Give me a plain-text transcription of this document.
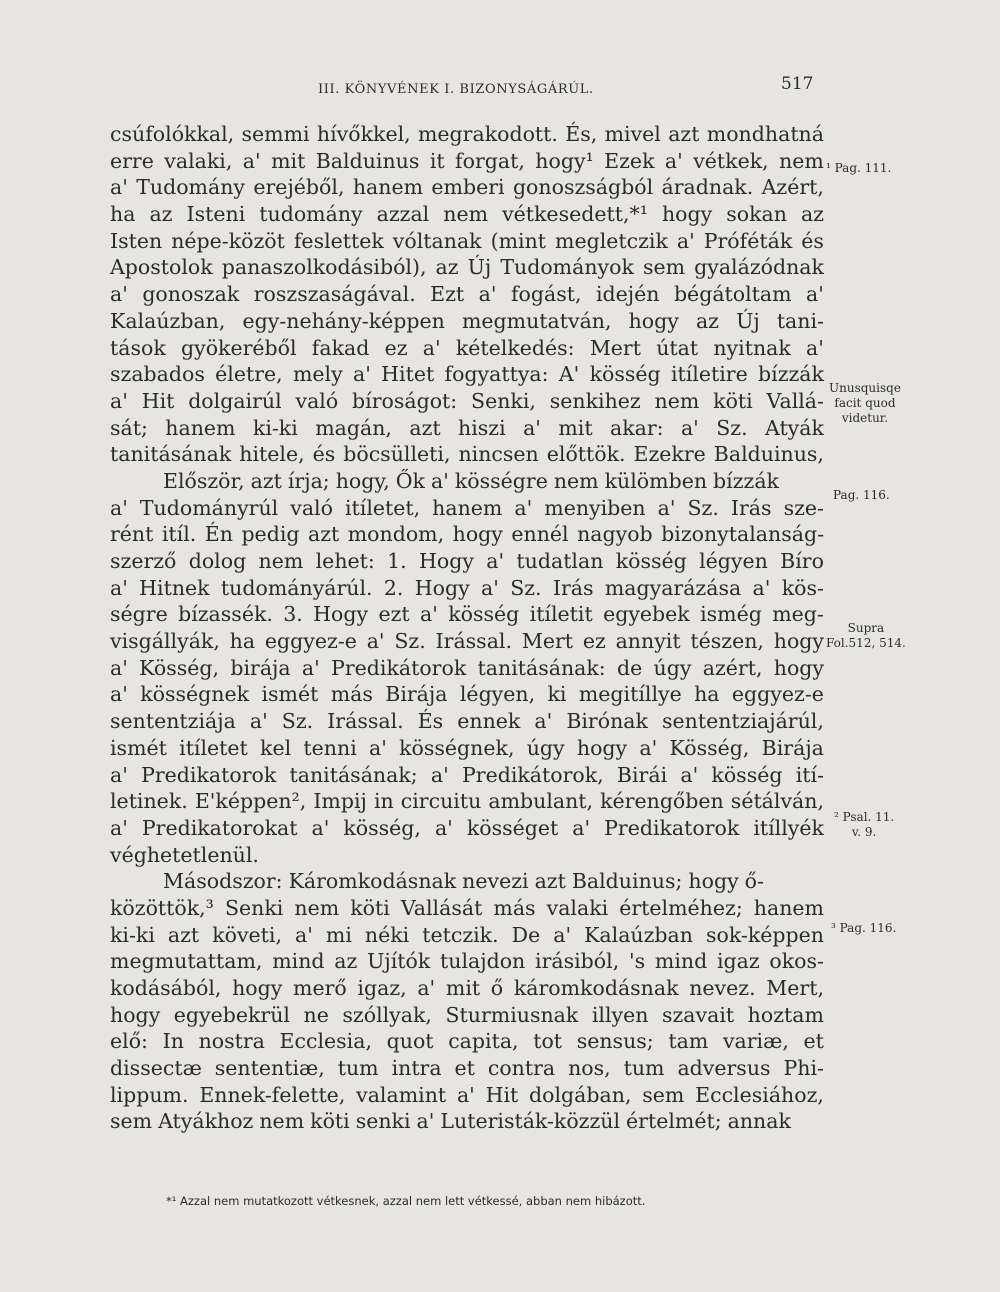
III. KÖNYVÉNEK I. BIZONYSÁGÁRÚL.	517
csúfolókkal, semmi hívőkkel, megrakodott. És, mivel azt mondhatná
erre valaki, a' mit Balduinus it forgat, hogy¹ Ezek a' vétkek, nem
a' Tudomány erejéből, hanem emberi gonoszságból áradnak. Azért,
ha az Isteni tudomány azzal nem vétkesedett,*¹ hogy sokan az
Isten népe-közöt feslettek vóltanak (mint megletczik a' Próféták és
Apostolok panaszolkodásiból), az Új Tudományok sem gyalázódnak
a' gonoszak roszszaságával. Ezt a' fogást, idején bégátoltam a'
Kalaúzban, egy-nehány-képpen megmutatván, hogy az Új tani-
tások gyökeréből fakad ez a' kételkedés: Mert útat nyitnak a'
szabados életre, mely a' Hitet fogyattya: A' kösség itíletire bízzák
a' Hit dolgairúl való bíroságot: Senki, senkihez nem köti Vallá-
sát; hanem ki-ki magán, azt hiszi a' mit akar: a' Sz. Atyák
tanitásának hitele, és böcsülleti, nincsen előttök. Ezekre Balduinus,
Először, azt írja; hogy, Ők a' kösségre nem külömben bízzák
a' Tudományrúl való itíletet, hanem a' menyiben a' Sz. Irás sze-
rént itíl. Én pedig azt mondom, hogy ennél nagyob bizonytalanság-
szerző dolog nem lehet: 1. Hogy a' tudatlan kösség légyen Bíro
a' Hitnek tudományárúl. 2. Hogy a' Sz. Irás magyarázása a' kös-
ségre bízassék. 3. Hogy ezt a' kösség itíletit egyebek ismég meg-
visgállyák, ha eggyez-e a' Sz. Irással. Mert ez annyit tészen, hogy
a' Kösség, birája a' Predikátorok tanitásának: de úgy azért, hogy
a' kösségnek ismét más Birája légyen, ki megitíllye ha eggyez-e
sententziája a' Sz. Irással. És ennek a' Birónak sententziajárúl,
ismét itíletet kel tenni a' kösségnek, úgy hogy a' Kösség, Birája
a' Predikatorok tanitásának; a' Predikátorok, Birái a' kösség ití-
letinek. E'képpen², Impij in circuitu ambulant, kérengőben sétálván,
a' Predikatorokat a' kösség, a' kösséget a' Predikatorok itíllyék
véghetetlenül.
Másodszor: Káromkodásnak nevezi azt Balduinus; hogy ő-
közöttök,³ Senki nem köti Vallását más valaki értelméhez; hanem
ki-ki azt követi, a' mi néki tetczik. De a' Kalaúzban sok-képpen
megmutattam, mind az Ujítók tulajdon irásiból, 's mind igaz okos-
kodásából, hogy merő igaz, a' mit ő káromkodásnak nevez. Mert,
hogy egyebekrül ne szóllyak, Sturmiusnak illyen szavait hoztam
elő: In nostra Ecclesia, quot capita, tot sensus; tam variæ, et
dissectæ sententiæ, tum intra et contra nos, tum adversus Phi-
lippum. Ennek-felette, valamint a' Hit dolgában, sem Ecclesiához,
sem Atyákhoz nem köti senki a' Luteristák-közzül értelmét; annak
*¹ Azzal nem mutatkozott vétkesnek, azzal nem lett vétkessé, abban nem hibázott.
¹ Pag. 111.
Unusquisqe
facit quod
videtur.
Pag. 116.
Supra
Fol.512, 514.
² Psal. 11.
v. 9.
³ Pag. 116.
